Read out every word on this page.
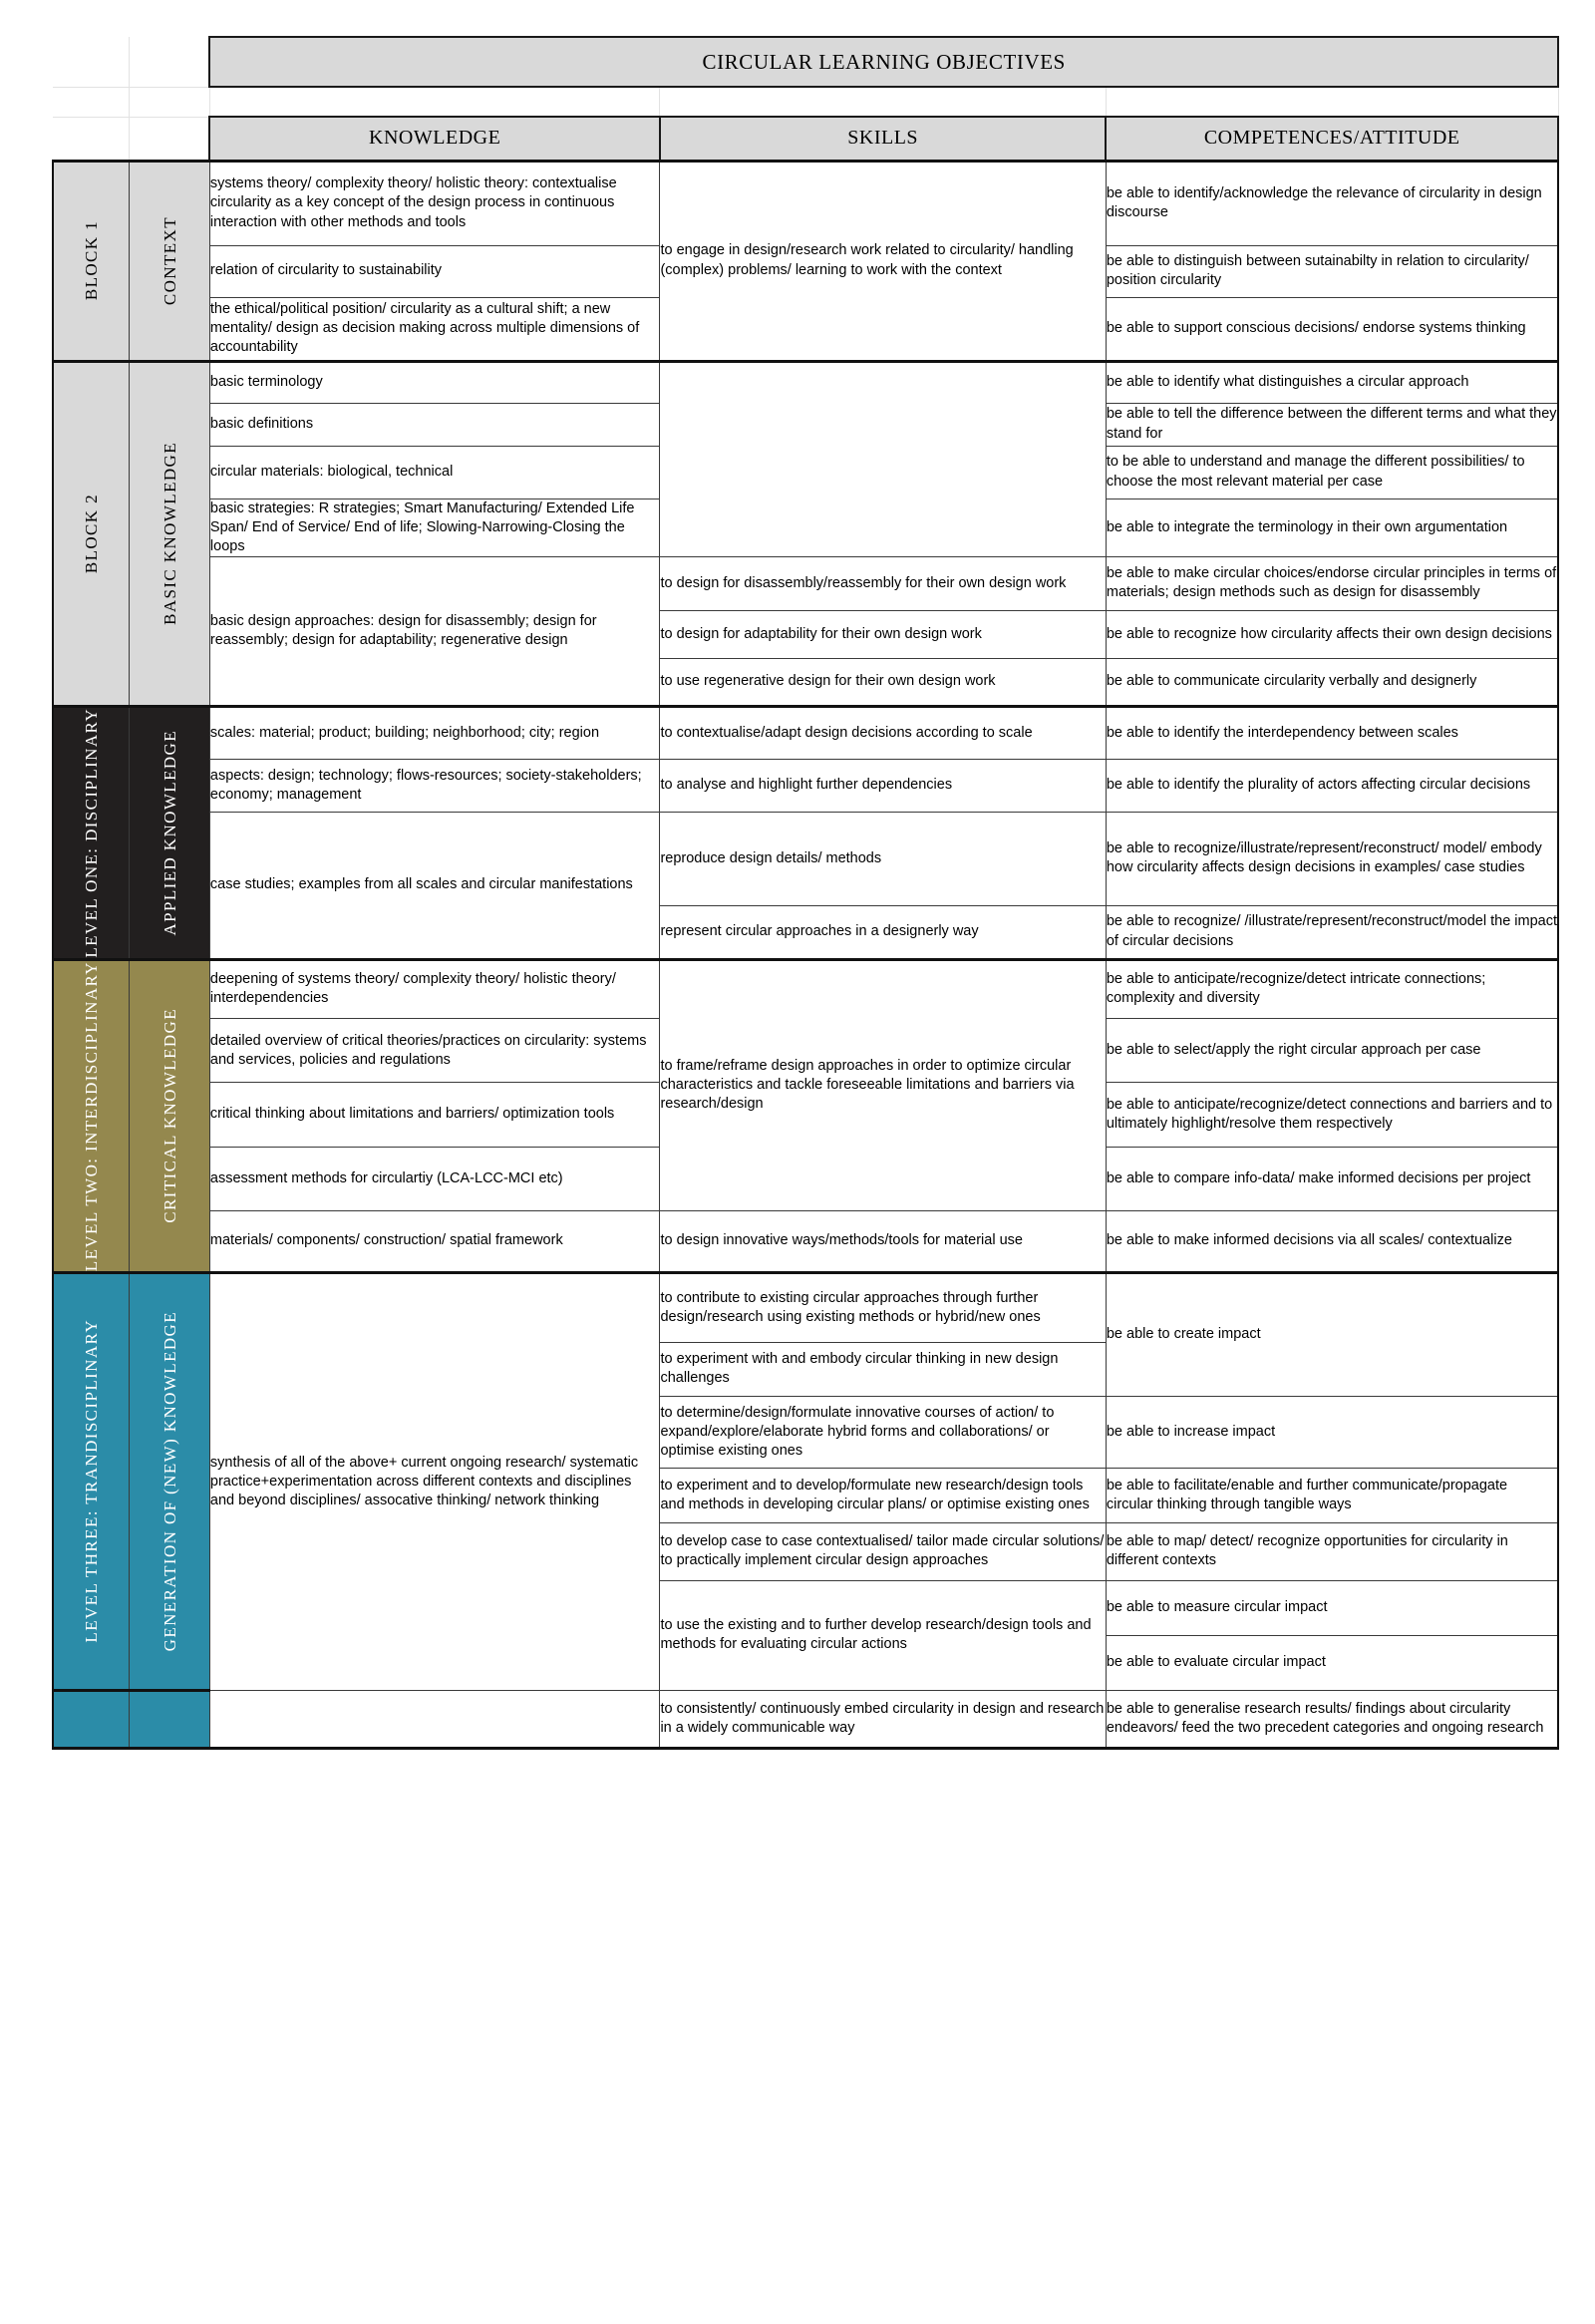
		CIRCULAR LEARNING OBJECTIVES		

		KNOWLEDGE	SKILLS	COMPETENCES/ATTITUDE

BLOCK 1	CONTEXT	systems theory/ complexity theory/ holistic theory: contextualise circularity as a key concept of the design process in continuous interaction with other methods and tools	to engage in design/research work related to circularity/ handling (complex) problems/ learning to work with the context	be able to identify/acknowledge the relevance of circularity in design discourse
		relation of circularity to sustainability		be able to distinguish between sutainabilty in relation to circularity/ position circularity
		the ethical/political position/ circularity as a cultural shift; a new mentality/ design as decision making across multiple dimensions of accountability		be able to support conscious decisions/ endorse systems thinking

BLOCK 2	BASIC KNOWLEDGE	basic terminology		be able to identify what distinguishes a circular approach
		basic definitions		be able to tell the difference between the different terms and what they stand for
		circular materials: biological, technical		to be able to understand and manage the different possibilities/ to choose the most relevant material per case
		basic strategies: R strategies; Smart Manufacturing/ Extended Life Span/ End of Service/ End of life; Slowing-Narrowing-Closing the loops		be able to integrate the terminology in their own argumentation
		basic design approaches: design for disassembly; design for reassembly; design for adaptability; regenerative design	to design for disassembly/reassembly for their own design work	be able to make circular choices/endorse circular principles in terms of materials; design methods such as design for disassembly
			to design for adaptability for their own design work	be able to recognize how circularity affects their own design decisions
			to use regenerative design for their own design work	be able to communicate circularity verbally and designerly

LEVEL ONE: DISCIPLINARY	APPLIED KNOWLEDGE	scales: material; product; building; neighborhood; city; region	to contextualise/adapt design decisions according to scale	be able to identify the interdependency between scales
		aspects: design; technology; flows-resources; society-stakeholders; economy; management	to analyse and highlight further dependencies	be able to identify the plurality of actors affecting circular decisions
		case studies; examples from all scales and circular manifestations	reproduce design details/ methods	be able to recognize/illustrate/represent/reconstruct/ model/ embody how circularity affects design decisions in examples/ case studies
			represent circular approaches in a designerly way	be able to recognize/ /illustrate/represent/reconstruct/model the impact of circular decisions

LEVEL TWO: INTERDISCIPLINARY	CRITICAL KNOWLEDGE	deepening of systems theory/ complexity theory/ holistic theory/ interdependencies	to frame/reframe design approaches in order to optimize circular characteristics and tackle foreseeable limitations and barriers via research/design	be able to anticipate/recognize/detect intricate connections; complexity and diversity
		detailed overview of critical theories/practices on circularity: systems and services, policies and regulations		be able to select/apply the right circular approach per case
		critical thinking about limitations and barriers/ optimization tools		be able to anticipate/recognize/detect connections and barriers and to ultimately highlight/resolve them respectively
		assessment methods for circulartiy (LCA-LCC-MCI etc)		be able to compare info-data/ make informed decisions per project
		materials/ components/ construction/ spatial framework	to design innovative ways/methods/tools for material use	be able to make informed decisions via all scales/ contextualize

LEVEL THREE: TRANDISCIPLINARY	GENERATION OF (NEW) KNOWLEDGE	synthesis of all of the above+ current ongoing research/ systematic practice+experimentation across different contexts and disciplines and beyond disciplines/ assocative thinking/ network thinking	to contribute to existing circular approaches through further design/research using existing methods or hybrid/new ones	be able to create impact
			to experiment with and embody circular thinking in new design challenges	
			to determine/design/formulate innovative courses of action/ to expand/explore/elaborate hybrid forms and collaborations/ or optimise existing ones	be able to increase impact
			to experiment and to develop/formulate new research/design tools and methods in developing circular plans/ or optimise existing ones	be able to facilitate/enable and further communicate/propagate circular thinking through tangible ways
			to develop case to case contextualised/ tailor made circular solutions/ to practically implement circular design approaches	be able to map/ detect/ recognize opportunities for circularity in different contexts
			to use the existing and to further develop research/design tools and methods for evaluating circular actions	be able to measure circular impact
				be able to evaluate circular impact
			to consistently/ continuously embed circularity in design and research in a widely communicable way	be able to generalise research results/ findings about circularity endeavors/ feed the two precedent categories and ongoing research
